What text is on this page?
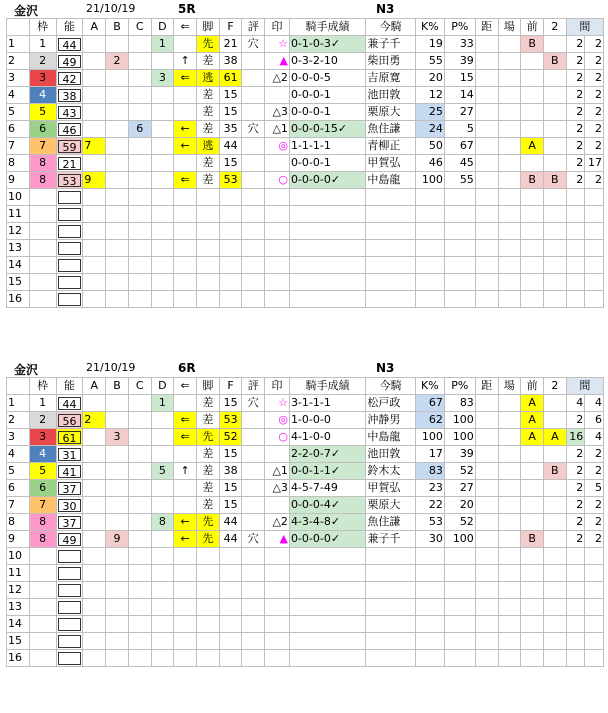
金沢	21/10/19	5R	N3
	枠	能	A	B	C	D	⇐	脚	F	評	印	騎手成績	今騎	K%	P%	距	場	前	2	間	
1	1	44				1		先	21	穴	☆	0-1-0-3✓	兼子千	19	33			B		2	2
2	2	49		2			↑	差	38		▲	0-3-2-10	柴田勇	55	39				B	2	2
3	3	42				3	⇐	逃	61		△2	0-0-0-5	吉原寛	20	15					2	2
4	4	38						差	15			0-0-0-1	池田敦	12	14					2	2
5	5	43						差	15		△3	0-0-0-1	栗原大	25	27					2	2
6	6	46			6		←	差	35	穴	△1	0-0-0-15✓	魚住謙	24	5					2	2
7	7	59	7				←	逃	44		◎	1-1-1-1	青柳正	50	67			A		2	2
8	8	21						差	15			0-0-0-1	甲賀弘	46	45					2	17
9	8	53	9				⇐	差	53		○	0-0-0-0✓	中島龍	100	55			B	B	2	2
10		

11		

12		

13		

14		

15		

16		

金沢	21/10/19	6R	N3
	枠	能	A	B	C	D	⇐	脚	F	評	印	騎手成績	今騎	K%	P%	距	場	前	2	間	
1	1	44				1		差	15	穴	☆	3-1-1-1	松戸政	67	83			A		4	4
2	2	56	2				⇐	差	53		◎	1-0-0-0	沖静男	62	100			A		2	6
3	3	61		3			⇐	先	52		○	4-1-0-0	中島龍	100	100			A	A	16	4
4	4	31						差	15			2-2-0-7✓	池田敦	17	39					2	2
5	5	41				5	↑	差	38		△1	0-0-1-1✓	鈴木太	83	52				B	2	2
6	6	37						差	15		△3	4-5-7-49	甲賀弘	23	27					2	5
7	7	30						差	15			0-0-0-4✓	栗原大	22	20					2	2
8	8	37				8	←	先	44		△2	4-3-4-8✓	魚住謙	53	52					2	2
9	8	49		9			←	先	44	穴	▲	0-0-0-0✓	兼子千	30	100			B		2	2
10		

11		

12		

13		

14		

15		

16		
